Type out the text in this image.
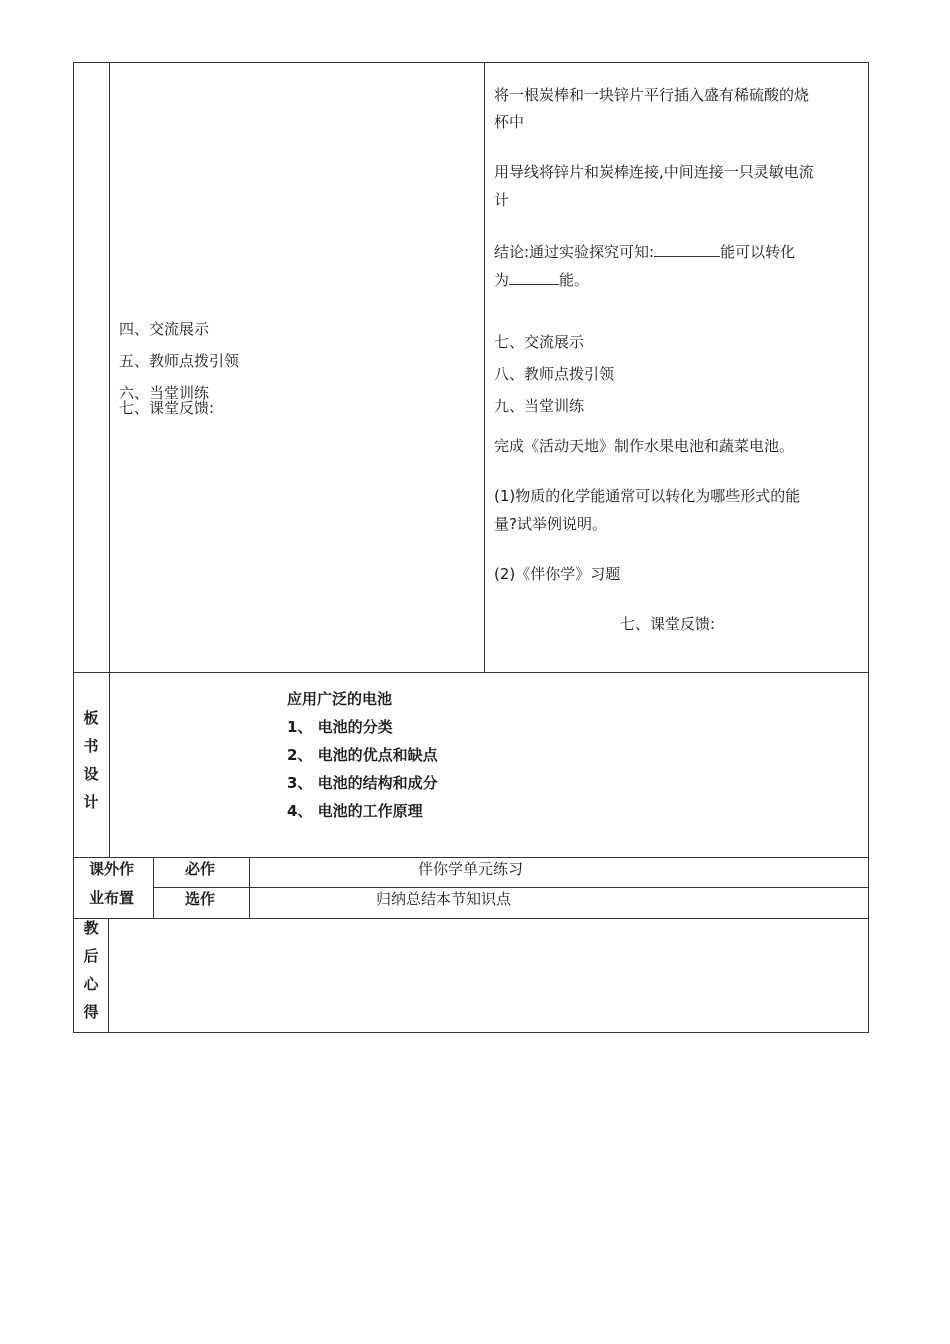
四、交流展示
五、教师点拨引领
六、当堂训练
七、课堂反馈:
将一根炭棒和一块锌片平行插入盛有稀硫酸的烧
杯中
用导线将锌片和炭棒连接,中间连接一只灵敏电流
计
结论:通过实验探究可知:	能可以转化
为	能。
七、交流展示
八、教师点拨引领
九、当堂训练
完成《活动天地》制作水果电池和蔬菜电池。
(1)物质的化学能通常可以转化为哪些形式的能
量?试举例说明。
(2)《伴你学》习题
七、课堂反馈:
板
书
设
计
应用广泛的电池
1、 电池的分类
2、 电池的优点和缺点
3、 电池的结构和成分
4、 电池的工作原理
课外作
业布置
必作	伴你学单元练习
选作	归纳总结本节知识点
教
后
心
得
